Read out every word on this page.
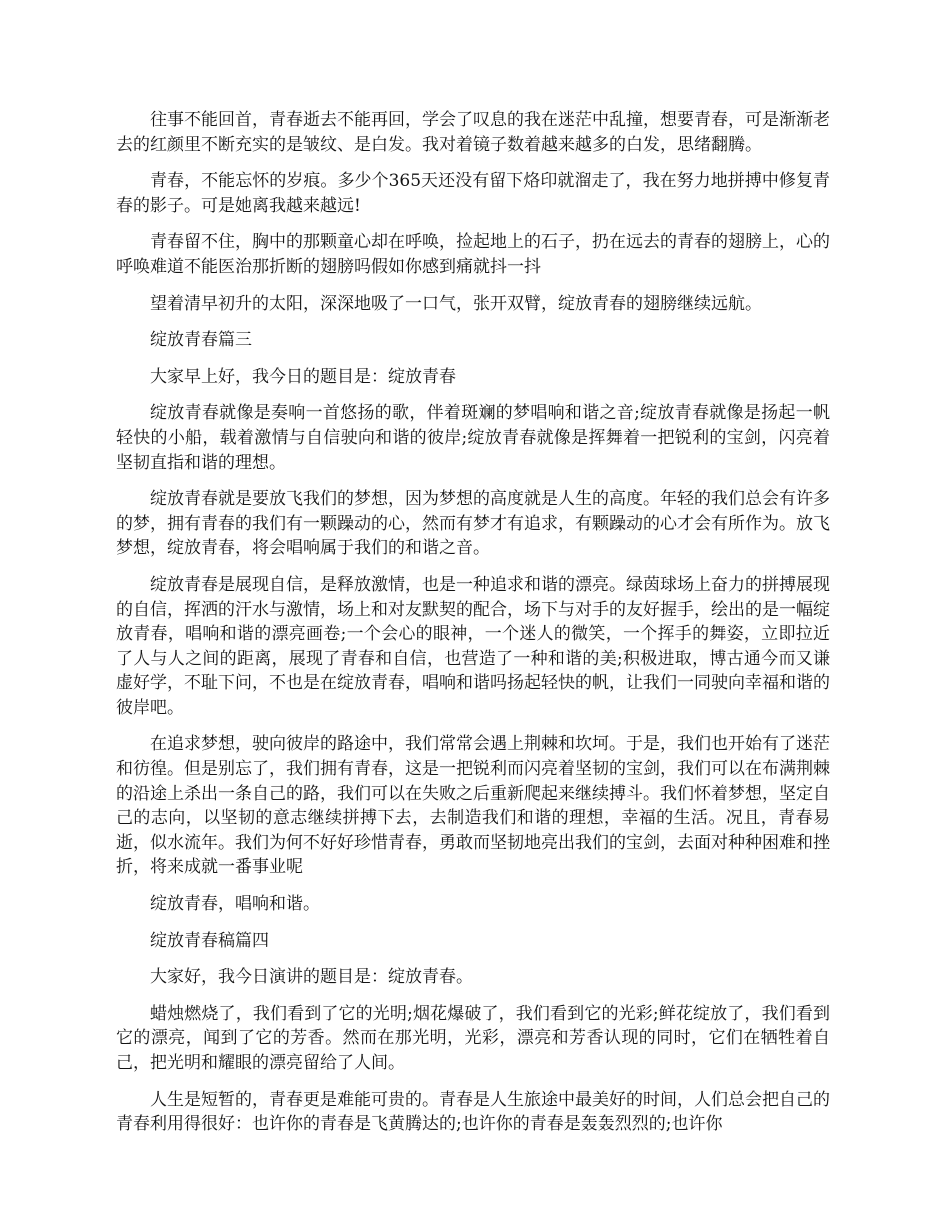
往事不能回首，青春逝去不能再回，学会了叹息的我在迷茫中乱撞，想要青春，可是渐渐老去的红颜里不断充实的是皱纹、是白发。我对着镜子数着越来越多的白发，思绪翻腾。

青春，不能忘怀的岁痕。多少个365天还没有留下烙印就溜走了，我在努力地拼搏中修复青春的影子。可是她离我越来越远!

青春留不住，胸中的那颗童心却在呼唤，捡起地上的石子，扔在远去的青春的翅膀上，心的呼唤难道不能医治那折断的翅膀吗假如你感到痛就抖一抖

望着清早初升的太阳，深深地吸了一口气，张开双臂，绽放青春的翅膀继续远航。

绽放青春篇三

大家早上好，我今日的题目是：绽放青春

绽放青春就像是奏响一首悠扬的歌，伴着斑斓的梦唱响和谐之音;绽放青春就像是扬起一帆轻快的小船，载着激情与自信驶向和谐的彼岸;绽放青春就像是挥舞着一把锐利的宝剑，闪亮着坚韧直指和谐的理想。

绽放青春就是要放飞我们的梦想，因为梦想的高度就是人生的高度。年轻的我们总会有许多的梦，拥有青春的我们有一颗躁动的心，然而有梦才有追求，有颗躁动的心才会有所作为。放飞梦想，绽放青春，将会唱响属于我们的和谐之音。

绽放青春是展现自信，是释放激情，也是一种追求和谐的漂亮。绿茵球场上奋力的拼搏展现的自信，挥洒的汗水与激情，场上和对友默契的配合，场下与对手的友好握手，绘出的是一幅绽放青春，唱响和谐的漂亮画卷;一个会心的眼神，一个迷人的微笑，一个挥手的舞姿，立即拉近了人与人之间的距离，展现了青春和自信，也营造了一种和谐的美;积极进取，博古通今而又谦虚好学，不耻下问，不也是在绽放青春，唱响和谐吗扬起轻快的帆，让我们一同驶向幸福和谐的彼岸吧。

在追求梦想，驶向彼岸的路途中，我们常常会遇上荆棘和坎坷。于是，我们也开始有了迷茫和彷徨。但是别忘了，我们拥有青春，这是一把锐利而闪亮着坚韧的宝剑，我们可以在布满荆棘的沿途上杀出一条自己的路，我们可以在失败之后重新爬起来继续搏斗。我们怀着梦想，坚定自己的志向，以坚韧的意志继续拼搏下去，去制造我们和谐的理想，幸福的生活。况且，青春易逝，似水流年。我们为何不好好珍惜青春，勇敢而坚韧地亮出我们的宝剑，去面对种种困难和挫折，将来成就一番事业呢

绽放青春，唱响和谐。

绽放青春稿篇四

大家好，我今日演讲的题目是：绽放青春。

蜡烛燃烧了，我们看到了它的光明;烟花爆破了，我们看到它的光彩;鲜花绽放了，我们看到它的漂亮，闻到了它的芳香。然而在那光明，光彩，漂亮和芳香认现的同时，它们在牺牲着自己，把光明和耀眼的漂亮留给了人间。

人生是短暂的，青春更是难能可贵的。青春是人生旅途中最美好的时间，人们总会把自己的青春利用得很好：也许你的青春是飞黄腾达的;也许你的青春是轰轰烈烈的;也许你
